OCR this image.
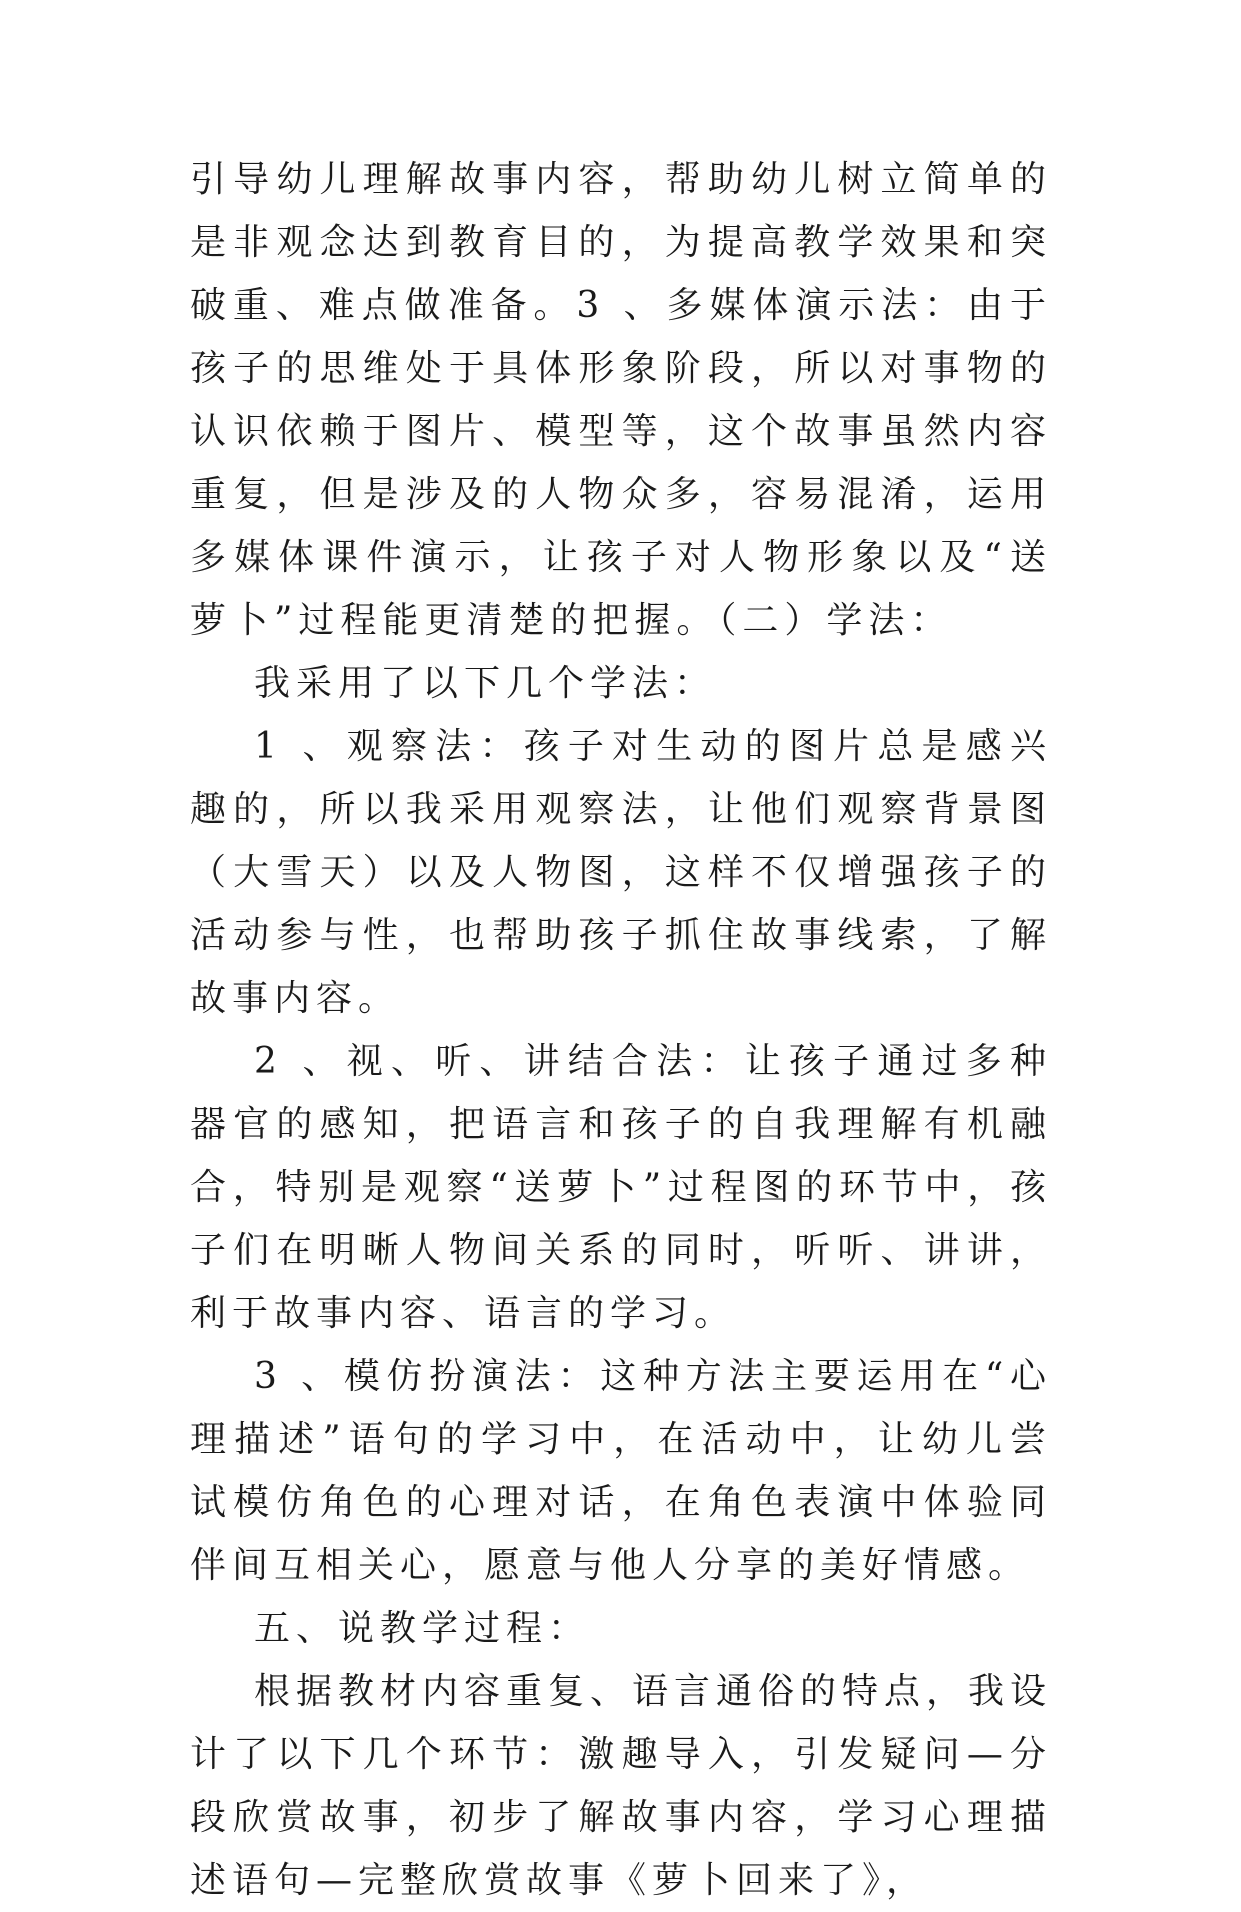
引导幼儿理解故事内容，帮助幼儿树立简单的是非观念达到教育目的，为提高教学效果和突破重、难点做准备。3 、多媒体演示法：由于孩子的思维处于具体形象阶段，所以对事物的认识依赖于图片、模型等，这个故事虽然内容重复，但是涉及的人物众多，容易混淆，运用多媒体课件演示，让孩子对人物形象以及“送萝卜”过程能更清楚的把握。（二）学法：

我采用了以下几个学法：

1 、观察法：孩子对生动的图片总是感兴趣的，所以我采用观察法，让他们观察背景图（大雪天）以及人物图，这样不仅增强孩子的活动参与性，也帮助孩子抓住故事线索，了解故事内容。

2 、视、听、讲结合法：让孩子通过多种器官的感知，把语言和孩子的自我理解有机融合，特别是观察“送萝卜”过程图的环节中，孩子们在明晰人物间关系的同时，听听、讲讲，利于故事内容、语言的学习。

3 、模仿扮演法：这种方法主要运用在“心理描述”语句的学习中，在活动中，让幼儿尝试模仿角色的心理对话，在角色表演中体验同伴间互相关心，愿意与他人分享的美好情感。

五、说教学过程：

根据教材内容重复、语言通俗的特点，我设计了以下几个环节：激趣导入，引发疑问—分段欣赏故事，初步了解故事内容，学习心理描述语句—完整欣赏故事《萝卜回来了》，
